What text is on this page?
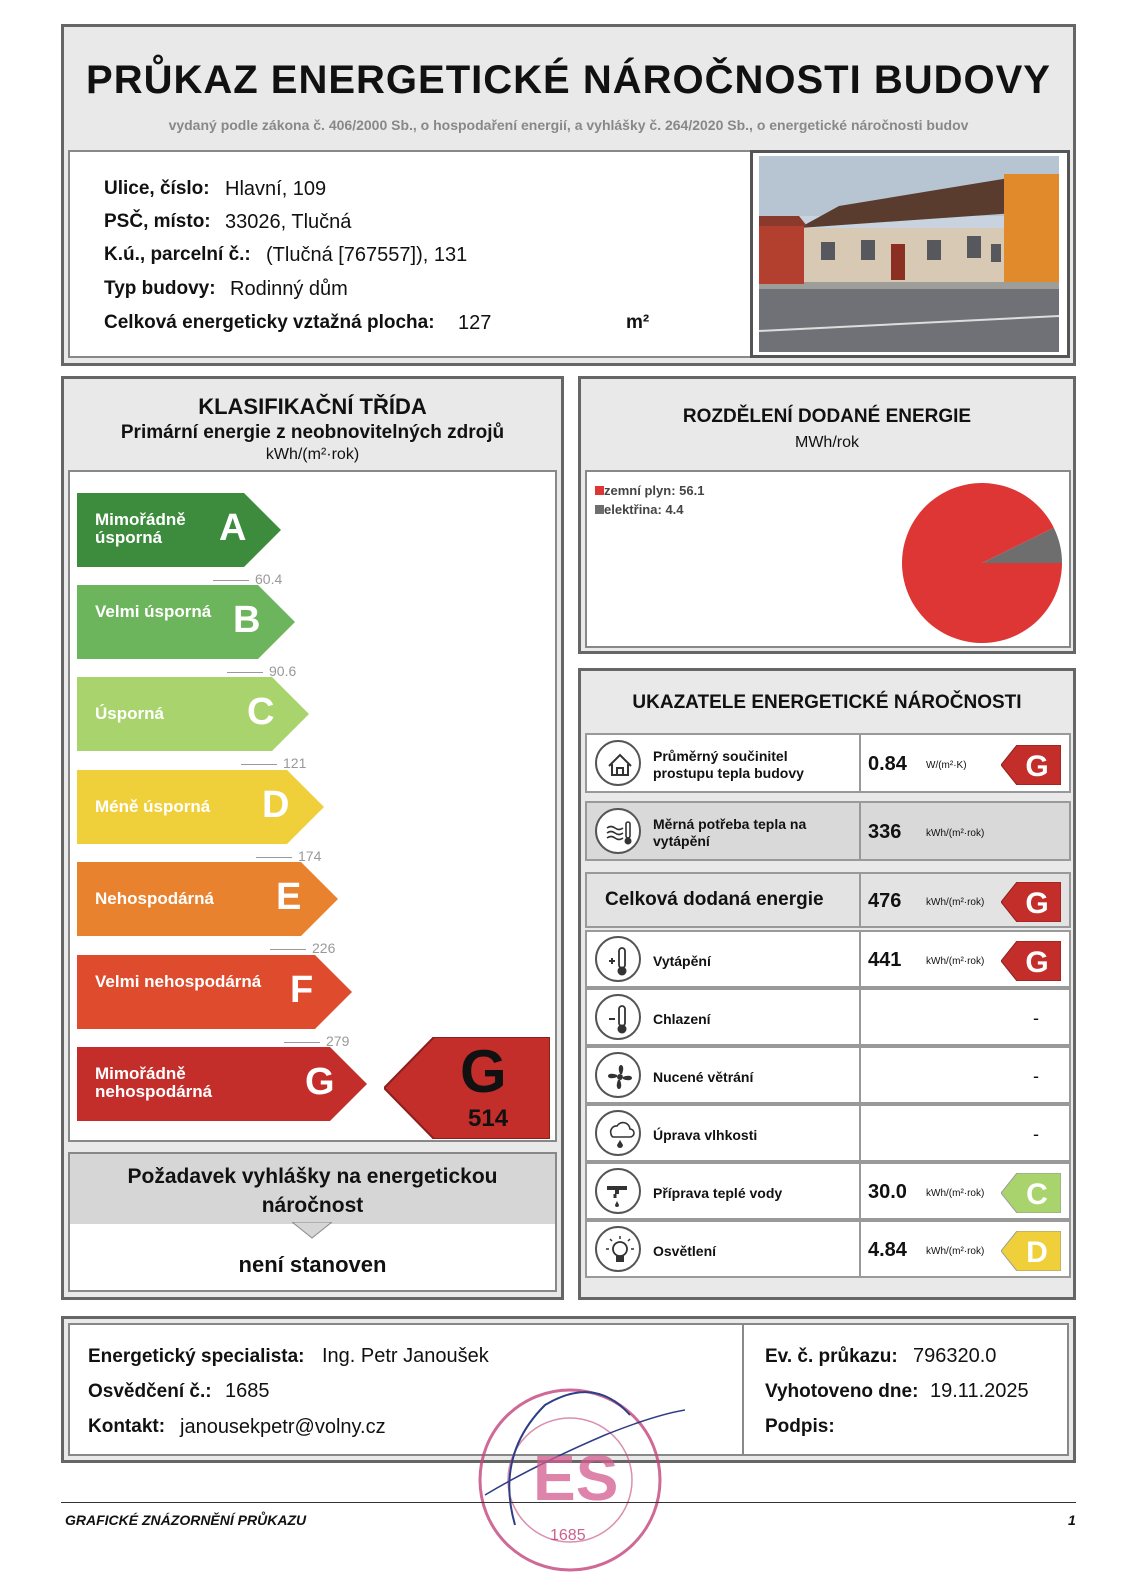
PRŮKAZ ENERGETICKÉ NÁROČNOSTI BUDOVY
vydaný podle zákona č. 406/2000 Sb., o hospodaření energií, a vyhlášky č. 264/2020 Sb., o energetické náročnosti budov
Ulice, číslo: Hlavní, 109
PSČ, místo: 33026, Tlučná
K.ú., parcelní č.: (Tlučná [767557]), 131
Typ budovy: Rodinný dům
Celková energeticky vztažná plocha: 127	m²
KLASIFIKAČNÍ TŘÍDA
Primární energie z neobnovitelných zdrojů
kWh/(m²·rok)
Mimořádně úsporná	A
60.4
Velmi úsporná B
90.6
Úsporná	C
121
Méně úsporná	D
174
Nehospodárná	E
226
Velmi nehospodárná F
279
Mimořádně nehospodárná	G G
514
Požadavek vyhlášky na energetickou náročnost
není stanoven
ROZDĚLENÍ DODANÉ ENERGIE
MWh/rok
zemní plyn: 56.1
elektřina: 4.4
UKAZATELE ENERGETICKÉ NÁROČNOSTI
Průměrný součinitel prostupu tepla budovy	0.84 W/(m²·K) G
Měrná potřeba tepla na vytápění	336 kWh/(m²·rok)
Celková dodaná energie 476 kWh/(m²·rok) G
Vytápění	441 kWh/(m²·rok) G
Chlazení	-
Nucené větrání	-
Úprava vlhkosti	-
Příprava teplé vody	30.0 kWh/(m²·rok) C
Osvětlení	4.84 kWh/(m²·rok) D
Energetický specialista: Ing. Petr Janoušek
Osvědčení č.: 1685
Kontakt: janousekpetr@volny.cz
Ev. č. průkazu: 796320.0
Vyhotoveno dne: 19.11.2025
Podpis:
ES
1685
GRAFICKÉ ZNÁZORNĚNÍ PRŮKAZU	1
